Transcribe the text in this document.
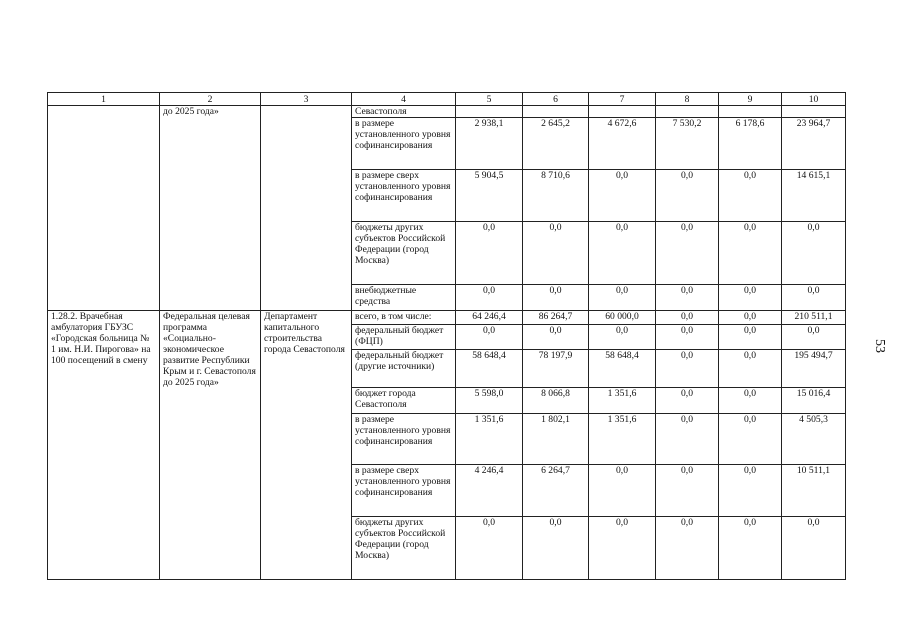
53
1	2	3	4	5	6	7	8	9	10
	до 2025 года»		Севастополя						
			в размере установленного уровня софинансирования	2 938,1	2 645,2	4 672,6	7 530,2	6 178,6	23 964,7
			в размере сверх установленного уровня софинансирования	5 904,5	8 710,6	0,0	0,0	0,0	14 615,1
			бюджеты других субъектов Российской Федерации (город Москва)	0,0	0,0	0,0	0,0	0,0	0,0
			внебюджетные средства	0,0	0,0	0,0	0,0	0,0	0,0
1.28.2. Врачебная амбулатория ГБУЗС «Городская больница № 1 им. Н.И. Пирогова» на 100 посещений в смену	Федеральная целевая программа «Социально-экономическое развитие Республики Крым и г. Севастополя до 2025 года»	Департамент капитального строительства города Севастополя	всего, в том числе:	64 246,4	86 264,7	60 000,0	0,0	0,0	210 511,1
			федеральный бюджет (ФЦП)	0,0	0,0	0,0	0,0	0,0	0,0
			федеральный бюджет (другие источники)	58 648,4	78 197,9	58 648,4	0,0	0,0	195 494,7
			бюджет города Севастополя	5 598,0	8 066,8	1 351,6	0,0	0,0	15 016,4
			в размере установленного уровня софинансирования	1 351,6	1 802,1	1 351,6	0,0	0,0	4 505,3
			в размере сверх установленного уровня софинансирования	4 246,4	6 264,7	0,0	0,0	0,0	10 511,1
			бюджеты других субъектов Российской Федерации (город Москва)	0,0	0,0	0,0	0,0	0,0	0,0
